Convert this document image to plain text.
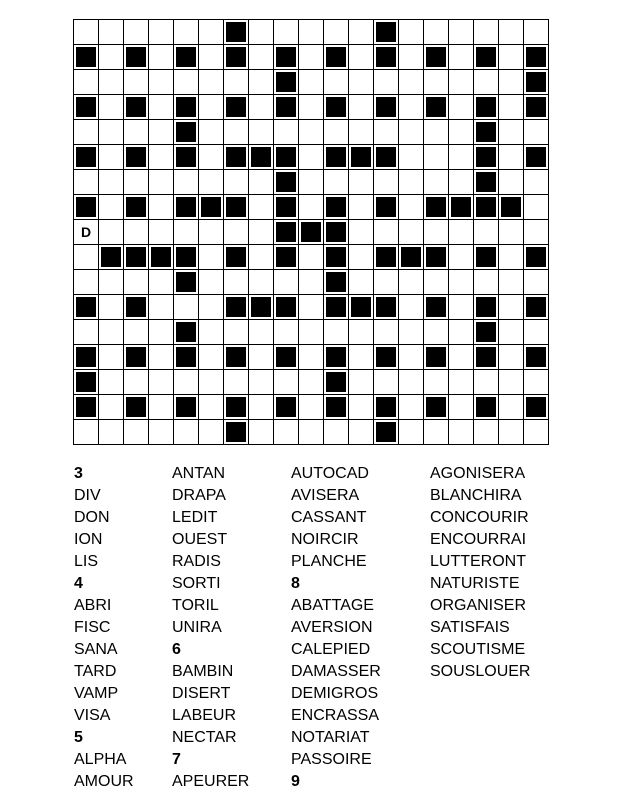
D
3
DIV
DON
ION
LIS
4
ABRI
FISC
SANA
TARD
VAMP
VISA
5
ALPHA
AMOUR
ANTAN
DRAPA
LEDIT
OUEST
RADIS
SORTI
TORIL
UNIRA
6
BAMBIN
DISERT
LABEUR
NECTAR
7
APEURER
AUTOCAD
AVISERA
CASSANT
NOIRCIR
PLANCHE
8
ABATTAGE
AVERSION
CALEPIED
DAMASSER
DEMIGROS
ENCRASSA
NOTARIAT
PASSOIRE
9
AGONISERA
BLANCHIRA
CONCOURIR
ENCOURRAI
LUTTERONT
NATURISTE
ORGANISER
SATISFAIS
SCOUTISME
SOUSLOUER
